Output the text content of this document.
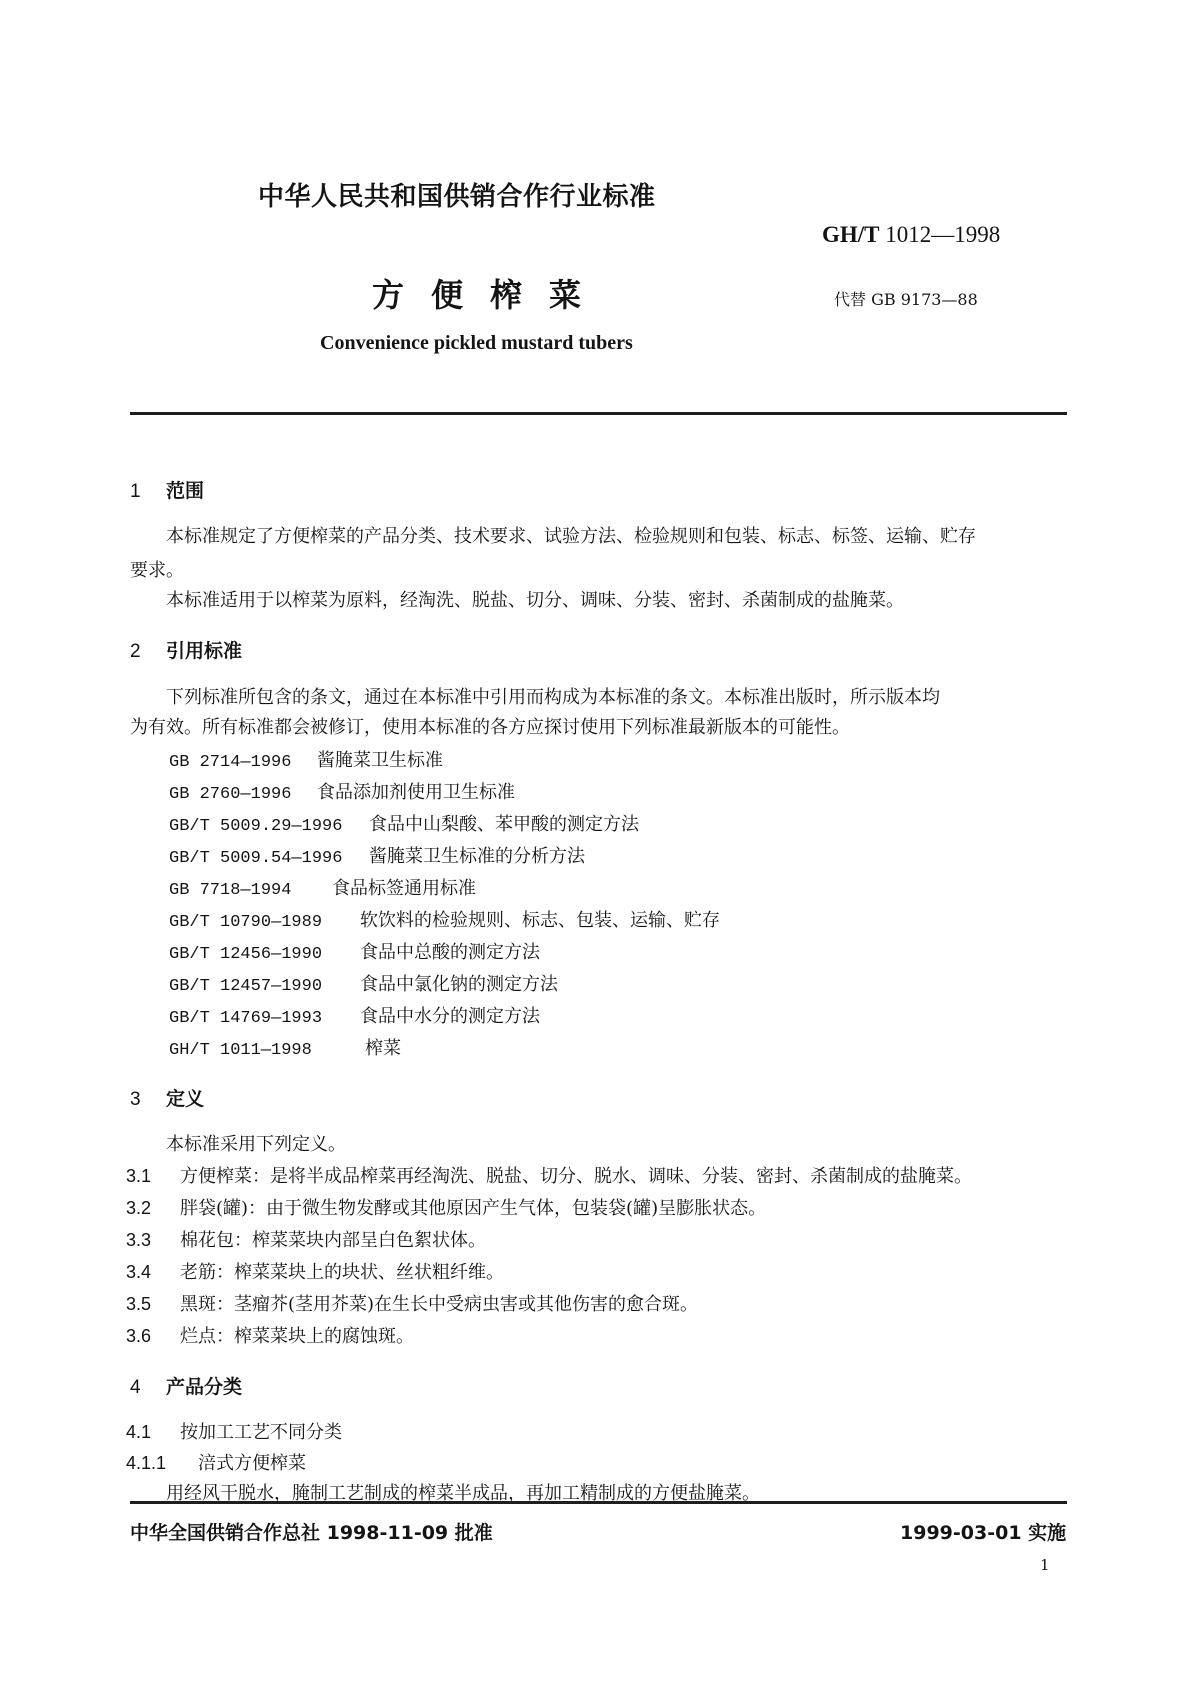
中华人民共和国供销合作行业标准
GH/T 1012—1998
方便榨菜	代替 GB 9173—88
Convenience pickled mustard tubers
1 范围
本标准规定了方便榨菜的产品分类、技术要求、试验方法、检验规则和包装、标志、标签、运输、贮存
要求。
本标准适用于以榨菜为原料，经淘洗、脱盐、切分、调味、分装、密封、杀菌制成的盐腌菜。
2 引用标准
下列标准所包含的条文，通过在本标准中引用而构成为本标准的条文。本标准出版时，所示版本均
为有效。所有标准都会被修订，使用本标准的各方应探讨使用下列标准最新版本的可能性。
GB 2714—1996 酱腌菜卫生标准
GB 2760—1996 食品添加剂使用卫生标准
GB/T 5009.29—1996 食品中山梨酸、苯甲酸的测定方法
GB/T 5009.54—1996 酱腌菜卫生标准的分析方法
GB 7718—1994 食品标签通用标准
GB/T 10790—1989 软饮料的检验规则、标志、包装、运输、贮存
GB/T 12456—1990 食品中总酸的测定方法
GB/T 12457—1990 食品中氯化钠的测定方法
GB/T 14769—1993 食品中水分的测定方法
GH/T 1011—1998	榨菜
3 定义
本标准采用下列定义。
3.1 方便榨菜：是将半成品榨菜再经淘洗、脱盐、切分、脱水、调味、分装、密封、杀菌制成的盐腌菜。
3.2 胖袋(罐)：由于微生物发酵或其他原因产生气体，包装袋(罐)呈膨胀状态。
3.3 棉花包：榨菜菜块内部呈白色絮状体。
3.4 老筋：榨菜菜块上的块状、丝状粗纤维。
3.5 黑斑：茎瘤芥(茎用芥菜)在生长中受病虫害或其他伤害的愈合斑。
3.6 烂点：榨菜菜块上的腐蚀斑。
4 产品分类
4.1 按加工工艺不同分类
4.1.1 涪式方便榨菜
用经风干脱水，腌制工艺制成的榨菜半成品，再加工精制成的方便盐腌菜。
中华全国供销合作总社 1998-11-09 批准	1999-03-01 实施
1
